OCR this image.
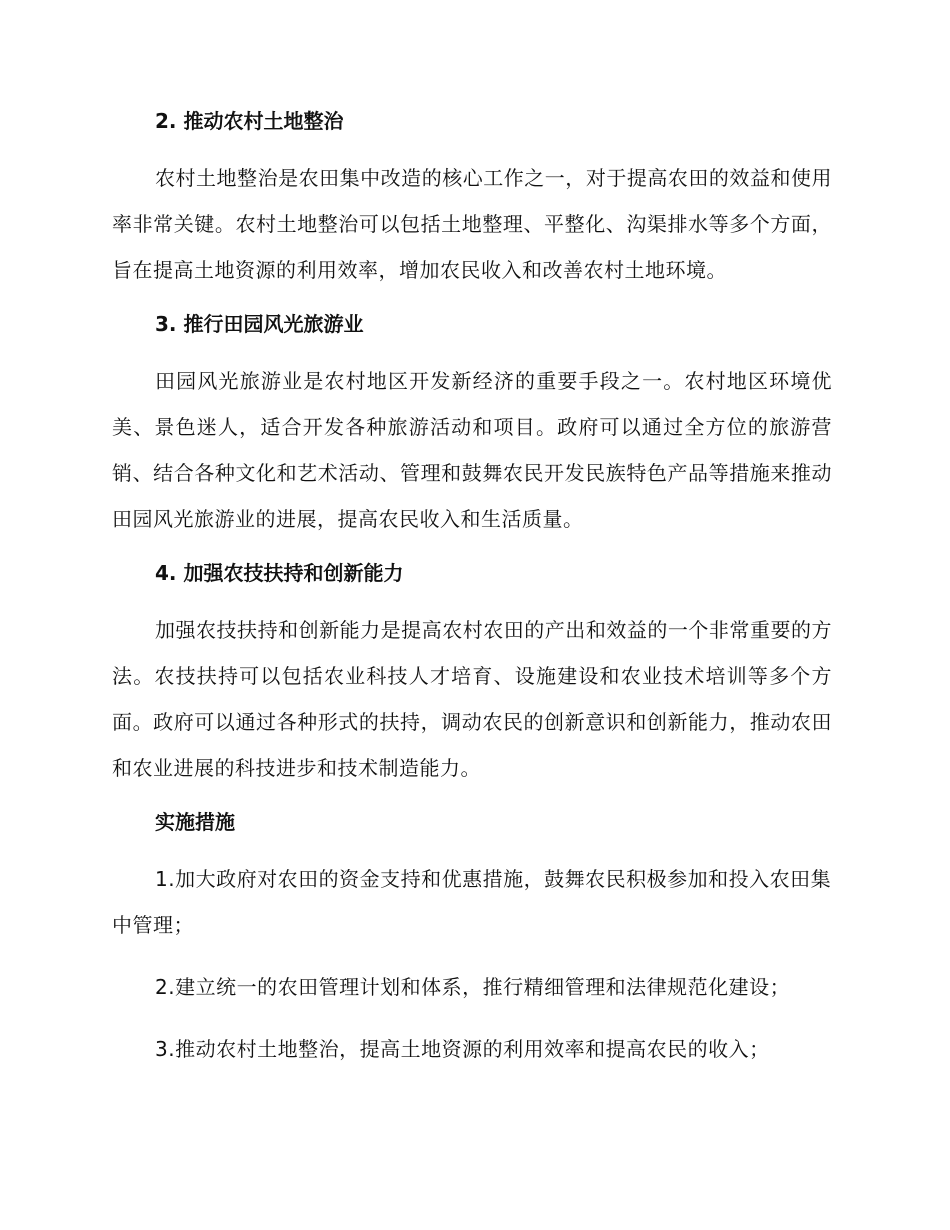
2. 推动农村土地整治
农村土地整治是农田集中改造的核心工作之一，对于提高农田的效益和使用率非常关键。农村土地整治可以包括土地整理、平整化、沟渠排水等多个方面，旨在提高土地资源的利用效率，增加农民收入和改善农村土地环境。
3. 推行田园风光旅游业
田园风光旅游业是农村地区开发新经济的重要手段之一。农村地区环境优美、景色迷人，适合开发各种旅游活动和项目。政府可以通过全方位的旅游营销、结合各种文化和艺术活动、管理和鼓舞农民开发民族特色产品等措施来推动田园风光旅游业的进展，提高农民收入和生活质量。
4. 加强农技扶持和创新能力
加强农技扶持和创新能力是提高农村农田的产出和效益的一个非常重要的方法。农技扶持可以包括农业科技人才培育、设施建设和农业技术培训等多个方面。政府可以通过各种形式的扶持，调动农民的创新意识和创新能力，推动农田和农业进展的科技进步和技术制造能力。
实施措施
1.加大政府对农田的资金支持和优惠措施，鼓舞农民积极参加和投入农田集中管理；
2.建立统一的农田管理计划和体系，推行精细管理和法律规范化建设；
3.推动农村土地整治，提高土地资源的利用效率和提高农民的收入；
